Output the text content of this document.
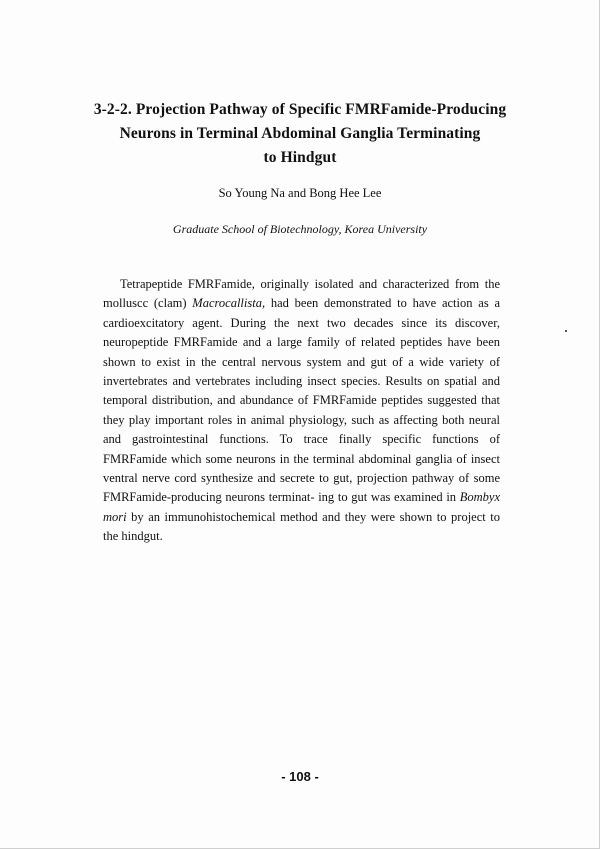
3-2-2. Projection Pathway of Specific FMRFamide-Producing
Neurons in Terminal Abdominal Ganglia Terminating
to Hindgut
So Young Na and Bong Hee Lee
Graduate School of Biotechnology, Korea University

Tetrapeptide FMRFamide, originally isolated and characterized from the molluscc (clam) Macrocallista, had been demonstrated to have action as a cardioexcitatory agent. During the next two decades since its discover, neuropeptide FMRFamide and a large family of related peptides have been shown to exist in the central nervous system and gut of a wide variety of invertebrates and vertebrates including insect species. Results on spatial and temporal distribution, and abundance of FMRFamide peptides suggested that they play important roles in animal physiology, such as affecting both neural and gastrointestinal functions. To trace finally specific functions of FMRFamide which some neurons in the terminal abdominal ganglia of insect ventral nerve cord synthesize and secrete to gut, projection pathway of some FMRFamide-producing neurons terminat- ing to gut was examined in Bombyx mori by an immunohistochemical method and they were shown to project to the hindgut.

- 108 -
